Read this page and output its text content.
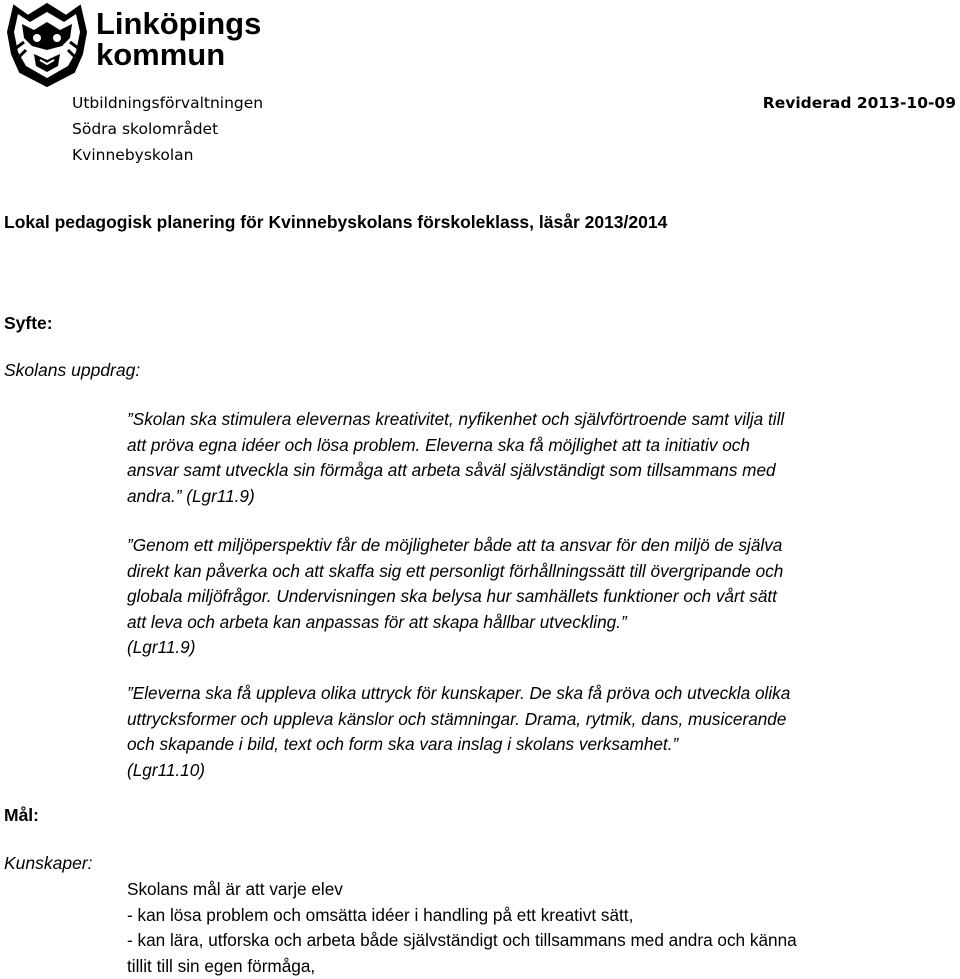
Linköpings
kommun
Utbildningsförvaltningen
Södra skolområdet
Kvinnebyskolan
Reviderad 2013-10-09
Lokal pedagogisk planering för Kvinnebyskolans förskoleklass, läsår 2013/2014
Syfte:
Skolans uppdrag:
”Skolan ska stimulera elevernas kreativitet, nyfikenhet och självförtroende samt vilja till
att pröva egna idéer och lösa problem. Eleverna ska få möjlighet att ta initiativ och
ansvar samt utveckla sin förmåga att arbeta såväl självständigt som tillsammans med
andra.” (Lgr11.9)
”Genom ett miljöperspektiv får de möjligheter både att ta ansvar för den miljö de själva
direkt kan påverka och att skaffa sig ett personligt förhållningssätt till övergripande och
globala miljöfrågor. Undervisningen ska belysa hur samhällets funktioner och vårt sätt
att leva och arbeta kan anpassas för att skapa hållbar utveckling.”
(Lgr11.9)
”Eleverna ska få uppleva olika uttryck för kunskaper. De ska få pröva och utveckla olika
uttrycksformer och uppleva känslor och stämningar. Drama, rytmik, dans, musicerande
och skapande i bild, text och form ska vara inslag i skolans verksamhet.”
(Lgr11.10)
Mål:
Kunskaper:
Skolans mål är att varje elev
- kan lösa problem och omsätta idéer i handling på ett kreativt sätt,
- kan lära, utforska och arbeta både självständigt och tillsammans med andra och känna
tillit till sin egen förmåga,
